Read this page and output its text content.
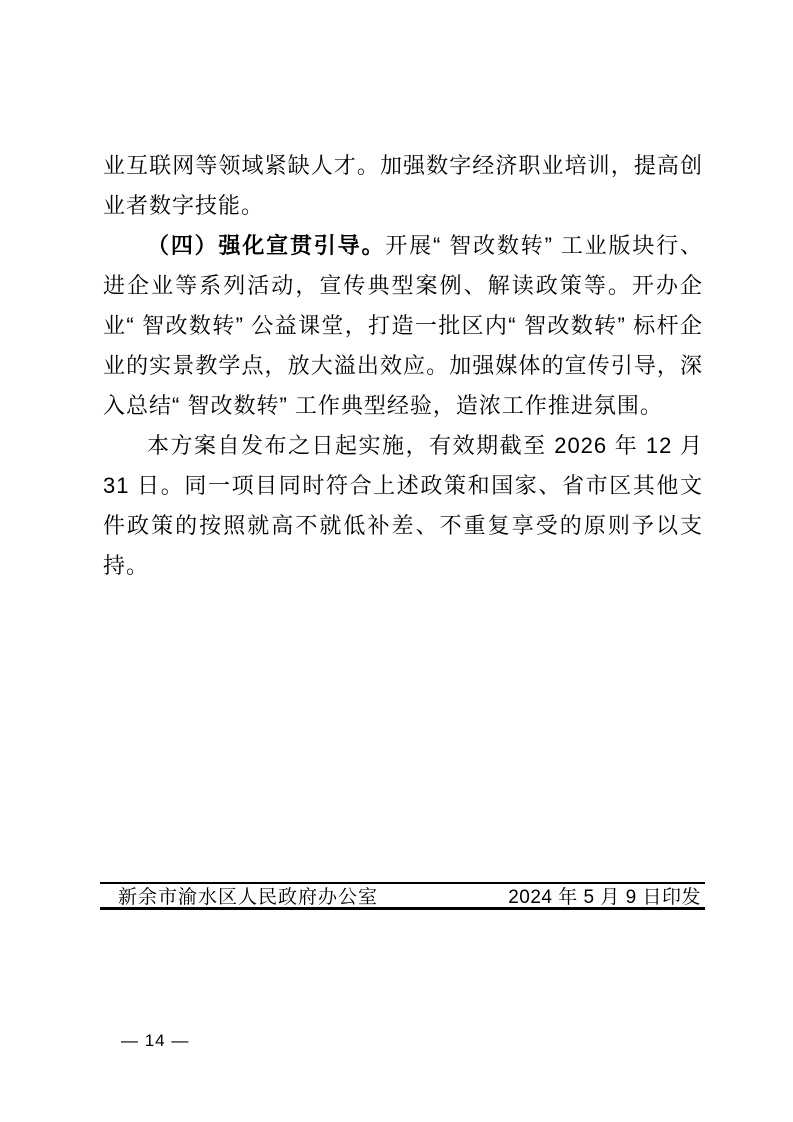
业互联网等领域紧缺人才。加强数字经济职业培训，提高创业者数字技能。

（四）强化宣贯引导。开展“ 智改数转” 工业版块行、进企业等系列活动，宣传典型案例、解读政策等。开办企业“ 智改数转” 公益课堂，打造一批区内“ 智改数转” 标杆企业的实景教学点，放大溢出效应。加强媒体的宣传引导，深入总结“ 智改数转” 工作典型经验，造浓工作推进氛围。

本方案自发布之日起实施，有效期截至 2026 年 12 月 31 日。同一项目同时符合上述政策和国家、省市区其他文件政策的按照就高不就低补差、不重复享受的原则予以支持。

新余市渝水区人民政府办公室	2024 年 5 月 9 日印发
— 14 —
